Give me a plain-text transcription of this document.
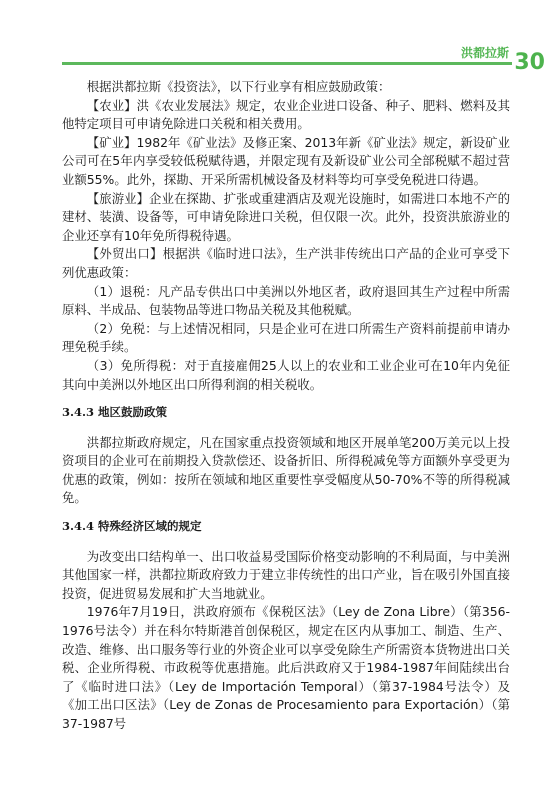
洪都拉斯 30

根据洪都拉斯《投资法》，以下行业享有相应鼓励政策：

【农业】洪《农业发展法》规定，农业企业进口设备、种子、肥料、燃料及其他特定项目可申请免除进口关税和相关费用。

【矿业】1982年《矿业法》及修正案、2013年新《矿业法》规定，新设矿业公司可在5年内享受较低税赋待遇，并限定现有及新设矿业公司全部税赋不超过营业额55%。此外，探勘、开采所需机械设备及材料等均可享受免税进口待遇。

【旅游业】企业在探勘、扩张或重建酒店及观光设施时，如需进口本地不产的建材、装潢、设备等，可申请免除进口关税，但仅限一次。此外，投资洪旅游业的企业还享有10年免所得税待遇。

【外贸出口】根据洪《临时进口法》，生产洪非传统出口产品的企业可享受下列优惠政策：

（1）退税：凡产品专供出口中美洲以外地区者，政府退回其生产过程中所需原料、半成品、包装物品等进口物品关税及其他税赋。

（2）免税：与上述情况相同，只是企业可在进口所需生产资料前提前申请办理免税手续。

（3）免所得税：对于直接雇佣25人以上的农业和工业企业可在10年内免征其向中美洲以外地区出口所得利润的相关税收。

3.4.3 地区鼓励政策

洪都拉斯政府规定，凡在国家重点投资领域和地区开展单笔200万美元以上投资项目的企业可在前期投入贷款偿还、设备折旧、所得税减免等方面额外享受更为优惠的政策，例如：按所在领域和地区重要性享受幅度从50-70%不等的所得税减免。

3.4.4 特殊经济区域的规定

为改变出口结构单一、出口收益易受国际价格变动影响的不利局面，与中美洲其他国家一样，洪都拉斯政府致力于建立非传统性的出口产业，旨在吸引外国直接投资，促进贸易发展和扩大当地就业。

1976年7月19日，洪政府颁布《保税区法》（Ley de Zona Libre）（第356-1976号法令）并在科尔特斯港首创保税区，规定在区内从事加工、制造、生产、改造、维修、出口服务等行业的外资企业可以享受免除生产所需资本货物进出口关税、企业所得税、市政税等优惠措施。此后洪政府又于1984-1987年间陆续出台了《临时进口法》（Ley de Importación Temporal）（第37-1984号法令）及《加工出口区法》（Ley de Zonas de Procesamiento para Exportación）（第37-1987号
